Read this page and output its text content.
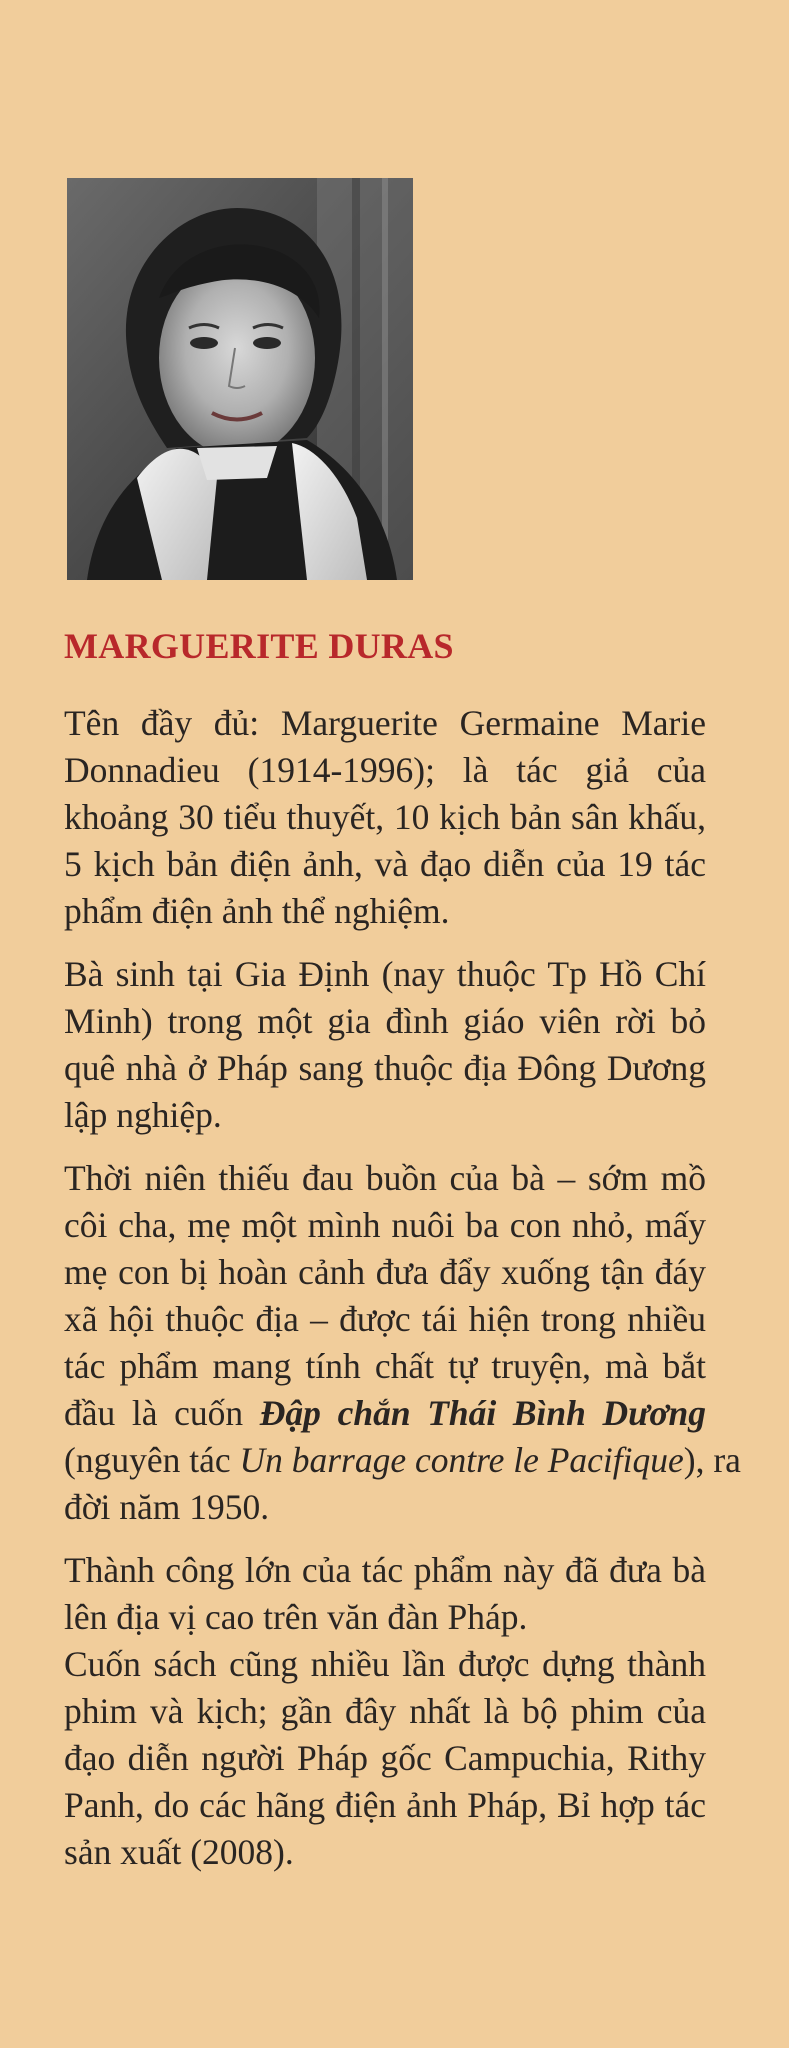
MARGUERITE DURAS

Tên đầy đủ: Marguerite Germaine Marie
Donnadieu (1914-1996); là tác giả của
khoảng 30 tiểu thuyết, 10 kịch bản sân khấu,
5 kịch bản điện ảnh, và đạo diễn của 19 tác
phẩm điện ảnh thể nghiệm.

Bà sinh tại Gia Định (nay thuộc Tp Hồ Chí
Minh) trong một gia đình giáo viên rời bỏ
quê nhà ở Pháp sang thuộc địa Đông Dương
lập nghiệp.

Thời niên thiếu đau buồn của bà – sớm mồ
côi cha, mẹ một mình nuôi ba con nhỏ, mấy
mẹ con bị hoàn cảnh đưa đẩy xuống tận đáy
xã hội thuộc địa – được tái hiện trong nhiều
tác phẩm mang tính chất tự truyện, mà bắt
đầu là cuốn Đập chắn Thái Bình Dương
(nguyên tác Un barrage contre le Pacifique), ra
đời năm 1950.

Thành công lớn của tác phẩm này đã đưa bà
lên địa vị cao trên văn đàn Pháp.

Cuốn sách cũng nhiều lần được dựng thành
phim và kịch; gần đây nhất là bộ phim của
đạo diễn người Pháp gốc Campuchia, Rithy
Panh, do các hãng điện ảnh Pháp, Bỉ hợp tác
sản xuất (2008).
